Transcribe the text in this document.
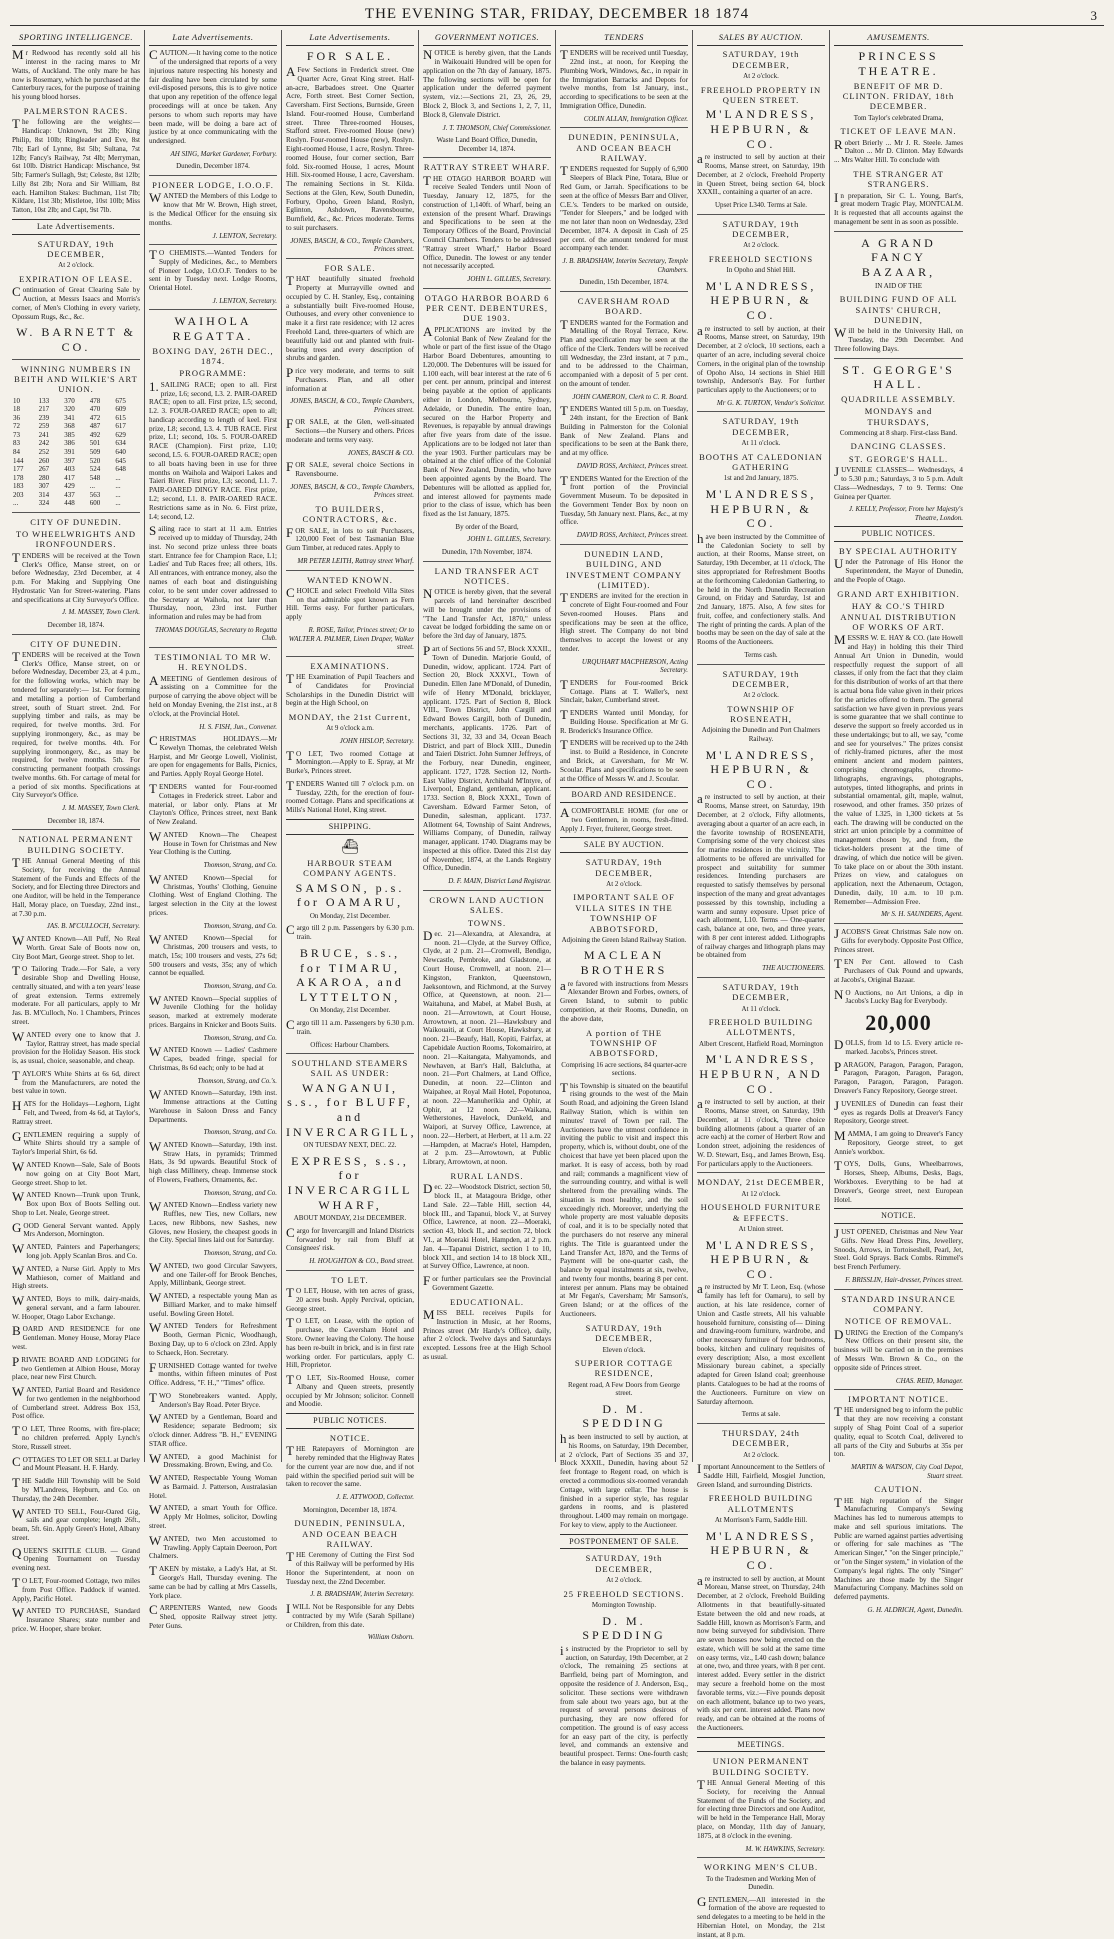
THE EVENING STAR, FRIDAY, DECEMBER 18 1874	3
SPORTING INTELLIGENCE.
Mr Redwood has recently sold all his interest in the racing mares to Mr Watts, of Auckland. The only mare he has now is Rosemary, which he purchased at the Canterbury races, for the purpose of training his young blood horses.
PALMERSTON RACES.
The following are the weights:—Handicap: Unknown, 9st 2lb; King Philip, 8st 10lb; Ringleader and Eve, 8st 7lb; Earl of Lynne, 8st 5lb; Sultana, 7st 12lb; Fancy's Railway, 7st 4lb; Merryman, 6st 10lb. District Handicap: Mischance, 9st 5lb; Farmer's Sullagh, 9st; Celeste, 8st 12lb; Lilly 8st 2lb; Nora and Sir William, 8st each. Hamilton Stakes: Buchman, 11st 7lb; Kildare, 11st 3lb; Mistletoe, 10st 10lb; Miss Tatton, 10st 2lb; and Capt, 9st 7lb.
Late Advertisements.
SATURDAY, 19th DECEMBER,
At 2 o'clock.
EXPIRATION OF LEASE.
Continuation of Great Clearing Sale by Auction, at Messrs Isaacs and Morris's corner, of Men's Clothing in every variety, Opossum Rugs, &c., &c.
W. BARNETT & CO.
WINNING NUMBERS IN BEITH AND WILKIE'S ART UNION.
10	133	370	478	675
18	217	320	470	609
36	239	341	472	615
72	259	368	487	617
73	241	385	492	629
83	242	386	501	634
84	252	391	509	640
144	260	397	520	645
177	267	403	524	648
178	280	417	548	...
183	307	429	...	...
203	314	437	563	...
...	324	448	600	...
CITY OF DUNEDIN.
TO WHEELWRIGHTS AND IRONFOUNDERS.
TENDERS will be received at the Town Clerk's Office, Manse street, on or before Wednesday, 23rd December, at 4 p.m. For Making and Supplying One Hydrostatic Van for Street-watering. Plans and specifications at City Surveyor's Office.
J. M. MASSEY, Town Clerk.
December 18, 1874.
CITY OF DUNEDIN.
TENDERS will be received at the Town Clerk's Office, Manse street, on or before Wednesday, December 23, at 4 p.m., for the following works, which may be tendered for separately:— 1st. For forming and metalling a portion of Cumberland street, south of Stuart street. 2nd. For supplying timber and rails, as may be required, for twelve months. 3rd. For supplying ironmongery, &c., as may be required, for twelve months. 4th. For supplying ironmongery, &c., as may be required, for twelve months. 5th. For constructing permanent footpath crossings twelve months. 6th. For cartage of metal for a period of six months. Specifications at City Surveyor's Office.
J. M. MASSEY, Town Clerk.
December 18, 1874.
NATIONAL PERMANENT BUILDING SOCIETY.
THE Annual General Meeting of this Society, for receiving the Annual Statement of the Funds and Effects of the Society, and for Electing three Directors and one Auditor, will be held in the Temperance Hall, Moray place, on Tuesday, 22nd inst., at 7.30 p.m.
JAS. B. M'CULLOCH, Secretary.
WANTED Known—All Puff, No Real Worth. Great Sale of Boots now on, City Boot Mart, George street. Shop to let.
TO Tailoring Trade.—For Sale, a very desirable Shop and Dwelling House, centrally situated, and with a ten years' lease of great extension. Terms extremely moderate. For all particulars, apply to Mr Jas. B. M'Culloch, No. 1 Chambers, Princes street.
WANTED every one to know that J. Taylor, Rattray street, has made special provision for the Holiday Season. His stock is, as usual, choice, seasonable, and cheap.
TAYLOR'S White Shirts at 6s 6d, direct from the Manufacturers, are noted the best value in town.
HATS for the Holidays—Leghorn, Light Felt, and Tweed, from 4s 6d, at Taylor's, Rattray street.
GENTLEMEN requiring a supply of White Shirts should try a sample of Taylor's Imperial Shirt, 6s 6d.
WANTED Known—Sale, Sale of Boots now going on at City Boot Mart, George street. Shop to let.
WANTED Known—Trunk upon Trunk, Box upon Box of Boots Selling out. Shop to Let. Neale, George street.
GOOD General Servant wanted. Apply Mrs Anderson, Mornington.
WANTED, Painters and Paperhangers; long job. Apply Scanlan Bros. and Co.
WANTED, a Nurse Girl. Apply to Mrs Mathieson, corner of Maitland and High streets.
WANTED, Boys to milk, dairy-maids, general servant, and a farm labourer. W. Hooper, Otago Labor Exchange.
BOARD AND RESIDENCE for one Gentleman. Money House, Moray Place west.
PRIVATE BOARD AND LODGING for two Gentlemen at Albion House, Moray place, near new First Church.
WANTED, Partial Board and Residence for two gentlemen in the neighborhood of Cumberland street. Address Box 153, Post office.
TO LET, Three Rooms, with fire-place; no children preferred. Apply Lynch's Store, Russell street.
COTTAGES TO LET OR SELL at Darley and Mount Pleasant. H. F. Hardy.
THE Saddle Hill Township will be Sold by M'Landress, Hepburn, and Co. on Thursday, the 24th December.
WANTED TO SELL, Four-Oared Gig, sails and gear complete; length 26ft., beam, 5ft. 6in. Apply Green's Hotel, Albany street.
QUEEN'S SKITTLE CLUB. — Grand Opening Tournament on Tuesday evening next.
TO LET, Four-roomed Cottage, two miles from Post Office. Paddock if wanted. Apply, Pacific Hotel.
WANTED TO PURCHASE, Standard Insurance Shares; state number and price. W. Hooper, share broker.
Late Advertisements.
CAUTION.—It having come to the notice of the undersigned that reports of a very injurious nature respecting his honesty and fair dealing have been circulated by some evil-disposed persons, this is to give notice that upon any repetition of the offence legal proceedings will at once be taken. Any persons to whom such reports may have been made, will be doing a bare act of justice by at once communicating with the undersigned.
AH SING, Market Gardener, Forbury.
Dunedin, December 1874.
PIONEER LODGE, I.O.O.F.
WANTED the Members of this Lodge to know that Mr W. Brown, High street, is the Medical Officer for the ensuing six months.
J. LENTON, Secretary.
TO CHEMISTS.—Wanted Tenders for Supply of Medicines, &c., to Members of Pioneer Lodge, I.O.O.F. Tenders to be sent in by Tuesday next. Lodge Rooms, Oriental Hotel.
J. LENTON, Secretary.
WAIHOLA REGATTA.
BOXING DAY, 26TH DEC., 1874.
PROGRAMME:
1.SAILING RACE; open to all. First prize, L6; second, L3. 2. PAIR-OARED RACE; open to all. First prize, L5; second, L2. 3. FOUR-OARED RACE; open to all; handicap according to length of keel. First prize, L8; second, L3. 4. TUB RACE. First prize, L1; second, 10s. 5. FOUR-OARED RACE (Champion). First prize, L10; second, L5. 6. FOUR-OARED RACE; open to all boats having been in use for three months on Waihola and Waipori Lakes and Taieri River. First prize, L3; second, L1. 7. PAIR-OARED DINGY RACE. First prize, L2; second, L1. 8. PAIR-OARED RACE. Restrictions same as in No. 6. First prize, L4; second, L2.
Sailing race to start at 11 a.m. Entries received up to midday of Thursday, 24th inst. No second prize unless three boats start. Entrance fee for Champion Race, L1; Ladies' and Tub Races free; all others, 10s. All entrances, with entrance money, also the names of each boat and distinguishing color, to be sent under cover addressed to the Secretary at Waihola, not later than Thursday, noon, 23rd inst. Further information and rules may be had from
THOMAS DOUGLAS, Secretary to Regatta Club.
TESTIMONIAL TO MR W. H. REYNOLDS.
AMEETING of Gentlemen desirous of assisting on a Committee for the purpose of carrying the above object will be held on Monday Evening, the 21st inst., at 8 o'clock, at the Provincial Hotel.
H. S. FISH, Jun., Convener.
CHRISTMAS HOLIDAYS.—Mr Kewelyn Thomas, the celebrated Welsh Harpist, and Mr George Lowell, Violinist, are open for engagements for Balls, Picnics, and Parties. Apply Royal George Hotel.
TENDERS wanted for Four-roomed Cottages in Frederick street. Labor and material, or labor only. Plans at Mr Clayton's Office, Princes street, next Bank of New Zealand.
WANTED Known—The Cheapest House in Town for Christmas and New Year Clothing is the Cutting.
Thomson, Strang, and Co.
WANTED Known—Special for Christmas, Youths' Clothing, Genuine Clothing. West of England Clothing. The largest selection in the City at the lowest prices.
Thomson, Strang, and Co.
WANTED Known—Special for Christmas, 200 trousers and vests, to match, 15s; 100 trousers and vests, 27s 6d; 500 trousers and vests, 35s; any of which cannot be equalled.
Thomson, Strang, and Co.
WANTED Known—Special supplies of Juvenile Clothing for the holiday season, marked at extremely moderate prices. Bargains in Knicker and Boots Suits.
Thomson, Strang, and Co.
WANTED Known — Ladies' Cashmere Capes, beaded fringe, special for Christmas, 8s 6d each; only to be had at
Thomson, Strang, and Co.'s.
WANTED Known—Saturday, 19th inst. Immense attractions at the Cutting Warehouse in Saloon Dress and Fancy Departments.
Thomson, Strang, and Co.
WANTED Known—Saturday, 19th inst. Straw Hats, in pyramids; Trimmed Hats, 3s 9d upwards. Beautiful Stock of high class Millinery, cheap. Immense stock of Flowers, Feathers, Ornaments, &c.
Thomson, Strang, and Co.
WANTED Known—Endless variety new Ruffles, new Ties, new Collars, new Laces, new Ribbons, new Sashes, new Gloves, new Hosiery, the cheapest goods in the City. Special lines laid out for Saturday.
Thomson, Strang, and Co.
WANTED, two good Circular Sawyers, and one Tailer-off for Brook Benches, Apply, Millinbank, George street.
WANTED, a respectable young Man as Billiard Marker, and to make himself useful. Bowling Green Hotel.
WANTED Tenders for Refreshment Booth, German Picnic, Woodhaugh, Boxing Day, up to 6 o'clock on 23rd. Apply to Schaeck, Hon. Secretary.
FURNISHED Cottage wanted for twelve months, within fifteen minutes of Post Office. Address, "F. H.," "Times" office.
TWO Stonebreakers wanted. Apply, Anderson's Bay Road. Peter Bryce.
WANTED by a Gentleman, Board and Residence; separate Bedroom; six o'clock dinner. Address "B. H.," EVENING STAR office.
WANTED, a good Machinist for Dressmaking. Brown, Ewing, and Co.
WANTED, Respectable Young Woman as Barmaid. J. Patterson, Australasian Hotel.
WANTED, a smart Youth for Office. Apply Mr Holmes, solicitor, Dowling street.
WANTED, two Men accustomed to Trawling. Apply Captain Deeroon, Port Chalmers.
TAKEN by mistake, a Lady's Hat, at St. George's Hall, Thursday evening. The same can be had by calling at Mrs Cassells, York place.
CARPENTERS Wanted, new Goods Shed, opposite Railway street jetty. Peter Guns.
Late Advertisements.
FOR SALE.
AFew Sections in Frederick street. One Quarter Acre, Great King street. Half-an-acre, Barbadoes street. One Quarter Acre, Forth street. Best Corner Section, Caversham. First Sections, Burnside, Green Island. Four-roomed House, Cumberland street. Three Three-roomed Houses, Stafford street. Five-roomed House (new) Roslyn. Four-roomed House (new), Roslyn. Eight-roomed House, 1 acre, Roslyn. Three-roomed House, four corner section, Barr fold. Six-roomed House, 1 acres, Mount Hill. Six-roomed House, 1 acre, Caversham. The remaining Sections in St. Kilda. Sections at the Glen, Kew, South Dunedin, Forbury, Opoho, Green Island, Roslyn, Eglinton, Ashdown, Ravensbourne, Burnfield, &c., &c. Prices moderate. Terms to suit purchasers.
JONES, BASCH, & CO., Temple Chambers, Princes street.
FOR SALE.
THAT beautifully situated freehold Property at Murrayville owned and occupied by C. H. Stanley, Esq., containing a substantially built Five-roomed House, Outhouses, and every other convenience to make it a first rate residence; with 12 acres Freehold Land, three-quarters of which are beautifully laid out and planted with fruit-bearing trees and every description of shrubs and garden.
Price very moderate, and terms to suit Purchasers. Plan, and all other information at
JONES, BASCH, & CO., Temple Chambers, Princes street.
FOR SALE, at the Glen, well-situated Sections—the Nursery and others. Prices moderate and terms very easy.
JONES, BASCH & CO.
FOR SALE, several choice Sections in Ravensbourne.
JONES, BASCH, & CO., Temple Chambers, Princes street.
TO BUILDERS, CONTRACTORS, &c.
FOR SALE, in lots to suit Purchasers, 120,000 Feet of best Tasmanian Blue Gum Timber, at reduced rates. Apply to
MR PETER LEITH, Rattray street Wharf.
WANTED KNOWN.
CHOICE and select Freehold Villa Sites on that admirable spot known as Fern Hill. Terms easy. For further particulars, apply
R. ROSE, Tailor, Princes street; Or to WALTER A. PALMER, Linen Draper, Walker street.
EXAMINATIONS.
THE Examination of Pupil Teachers and of Candidates for Provincial Scholarships in the Dunedin District will begin at the High School, on
MONDAY, the 21st Current,
At 9 o'clock a.m.
JOHN HISLOP, Secretary.
TO LET, Two roomed Cottage at Mornington.—Apply to E. Spray, at Mr Burke's, Princes street.
TENDERS Wanted till 7 o'clock p.m. on Tuesday, 22th, for the erection of four-roomed Cottage. Plans and specifications at Mills's National Hotel, King street.
SHIPPING.
⛴
HARBOUR STEAM COMPANY AGENTS.
SAMSON, p.s. for OAMARU,
On Monday, 21st December.
Cargo till 2 p.m. Passengers by 6.30 p.m. train.
BRUCE, s.s., for TIMARU, AKAROA, and LYTTELTON,
On Monday, 21st December.
Cargo till 11 a.m. Passengers by 6.30 p.m. train.
Offices: Harbour Chambers.
SOUTHLAND STEAMERS SAIL AS UNDER:
WANGANUI, s.s., for BLUFF, and INVERCARGILL,
ON TUESDAY NEXT, DEC. 22.
EXPRESS, s.s., for INVERCARGILL WHARF,
ABOUT MONDAY, 21st DECEMBER.
Cargo for Invercargill and Inland Districts forwarded by rail from Bluff at Consignees' risk.
H. HOUGHTON & CO., Bond street.
TO LET.
TO LET, House, with ten acres of grass, 20 acres bush. Apply Percival, optician, George street.
TO LET, on Lease, with the option of purchase, the Caversham Hotel and Store. Owner leaving the Colony. The house has been re-built in brick, and is in first rate working order. For particulars, apply C. Hill, Proprietor.
TO LET, Six-Roomed House, corner Albany and Queen streets, presently occupied by Mr Johnson; solicitor. Connell and Moodie.
PUBLIC NOTICES.
NOTICE.
THE Ratepayers of Mornington are hereby reminded that the Highway Rates for the current year are now due, and if not paid within the specified period suit will be taken to recover the same.
J. E. ATTWOOD, Collector.
Mornington, December 18, 1874.
DUNEDIN, PENINSULA, AND OCEAN BEACH RAILWAY.
THE Ceremony of Cutting the First Sod of this Railway will be performed by His Honor the Superintendent, at noon on Tuesday next, the 22nd December.
J. B. BRADSHAW, Interim Secretary.
IWILL Not be Responsible for any Debts contracted by my Wife (Sarah Spillane) or Children, from this date.
William Osborn.
GOVERNMENT NOTICES.
NOTICE is hereby given, that the Lands in Waikouaiti Hundred will be open for application on the 7th day of January, 1875. The following sections will be open for application under the deferred payment system, viz.:—Sections 21, 23, 26, 29, Block 2, Block 3, and Sections 1, 2, 7, 11, Block 8, Glenvale District.
J. T. THOMSON, Chief Commissioner.
Waste Land Board Office, Dunedin, December 14, 1874.
RATTRAY STREET WHARF.
THE OTAGO HARBOR BOARD will receive Sealed Tenders until Noon of Tuesday, January 12, 1875, for the construction of 1,140ft. of Wharf, being an extension of the present Wharf. Drawings and Specifications to be seen at the Temporary Offices of the Board, Provincial Council Chambers. Tenders to be addressed "Rattray street Wharf," Harbor Board Office, Dunedin. The lowest or any tender not necessarily accepted.
JOHN L. GILLIES, Secretary.
OTAGO HARBOR BOARD 6 PER CENT. DEBENTURES, DUE 1903.
APPLICATIONS are invited by the Colonial Bank of New Zealand for the whole or part of the first issue of the Otago Harbor Board Debentures, amounting to L20,000. The Debentures will be issued for L100 each, will bear interest at the rate of 6 per cent. per annum, principal and interest being payable at the option of applicants either in London, Melbourne, Sydney, Adelaide, or Dunedin. The entire loan, secured on the Harbor Property and Revenues, is repayable by annual drawings after five years from date of the issue. Applications are to be lodged not later than the year 1903. Further particulars may be obtained at the chief office of the Colonial Bank of New Zealand, Dunedin, who have been appointed agents by the Board. The Debentures will be allotted as applied for, and interest allowed for payments made prior to the class of issue, which has been fixed as the 1st January, 1875.
By order of the Board,
JOHN L. GILLIES, Secretary.
Dunedin, 17th November, 1874.
LAND TRANSFER ACT NOTICES.
NOTICE is hereby given, that the several parcels of land hereinafter described will be brought under the provisions of "The Land Transfer Act, 1870," unless caveat be lodged forbidding the same on or before the 3rd day of January, 1875.
Part of Sections 56 and 57, Block XXXII., Town of Dunedin. Marjorie Gould, of Dunedin, widow, applicant. 1724. Part of Section 20, Block XXXVI., Town of Dunedin. Ellen Jane M'Donald, of Dunedin, wife of Henry M'Donald, bricklayer, applicant. 1725. Part of Section 8, Block VIII., Town District, John Cargill and Edward Bowes Cargill, both of Dunedin, merchants, applicants. 1726. Part of Sections 31, 32, 33 and 34, Ocean Beach District, and part of Block XIII., Dunedin and Taieri District. John Sumner Jeffreys, of the Forbury, near Dunedin, engineer, applicant. 1727, 1728. Section 12, North-East Valley District, Archibald M'Intyre, of Liverpool, England, gentleman, applicant. 1733. Section 8, Block XXXI., Town of Caversham. Edward Farmer Seton, of Dunedin, salesman, applicant. 1737. Allotment 64, Township of Saint Andrews, Williams Company, of Dunedin, railway manager, applicant. 1740. Diagrams may be inspected at this office. Dated this 21st day of November, 1874, at the Lands Registry Office, Dunedin.
D. F. MAIN, District Land Registrar.
CROWN LAND AUCTION SALES.
TOWNS.
Dec. 21—Alexandra, at Alexandra, at noon. 21—Clyde, at the Survey Office, Clyde, at 2 p.m. 21—Cromwell, Bendigo, Newcastle, Pembroke, and Gladstone, at Court House, Cromwell, at noon. 21—Kingston, Frankton, Queenstown, Jaeksontown, and Richmond, at the Survey Office, at Queenstown, at noon. 21—Waitahuna, and Mabel, at Mabel Bush, at noon. 21—Arrowtown, at Court House, Arrowtown, at noon. 21—Hawksbury and Waikouaiti, at Court House, Hawksbury, at noon. 21—Beaufy, Hall, Kopiti, Fairfax, at Capebidale Auction Rooms, Tokomairiro, at noon. 21—Kaitangata, Mahyamonds, and Newhaven, at Barr's Hall, Balclutha, at noon. 21—Port Chalmers, at Land Office, Dunedin, at noon. 22—Clinton and Waipahee, at Royal Mail Hotel, Popotunoa, at noon. 22—Manuherikia and Ophir, at Ophir, at 12 noon. 22—Waikana, Wetherstones, Havelock, Dunkeld, and Waipori, at Survey Office, Lawrence, at noon. 22—Herbert, at Herbert, at 11 a.m. 22—Hampden, at Macrae's Hotel, Hampden, at 2 p.m. 23—Arrowtown, at Public Library, Arrowtown, at noon.
RURAL LANDS.
Dec. 22—Woodstock District, section 50, block II., at Matagoura Bridge, other Land Sale. 22—Table Hill, section 44, block III., and Tapanui, block V., at Survey Office, Lawrence, at noon. 22—Moeraki, section 43, block II., and section 72, block VI., at Moeraki Hotel, Hampden, at 2 p.m. Jan. 4—Tapanui District, section 1 to 10, block XII., and section 14 to 18 block XII., at Survey Office, Lawrence, at noon.
For further particulars see the Provincial Government Gazette.
EDUCATIONAL.
MISS BELL receives Pupils for Instruction in Music, at her Rooms, Princes street (Mr Hardy's Office), daily, after 2 o'clock. Twelve days and Saturdays excepted. Lessons free at the High School as usual.
TENDERS
TENDERS will be received until Tuesday, 22nd inst., at noon, for Keeping the Plumbing Work, Windows, &c., in repair in the Immigration Barracks and Depots for twelve months, from 1st January, inst., according to specifications to be seen at the Immigration Office, Dunedin.
COLIN ALLAN, Immigration Officer.
DUNEDIN, PENINSULA, AND OCEAN BEACH RAILWAY.
TENDERS requested for Supply of 6,900 Sleepers of Black Pine, Totara, Blue or Red Gum, or Jarrah. Specifications to be seen at the office of Messrs Barr and Oliver, C.E.'s. Tenders to be marked on outside, "Tender for Sleepers," and be lodged with me not later than noon on Wednesday, 23rd December, 1874. A deposit in Cash of 25 per cent. of the amount tendered for must accompany each tender.
J. B. BRADSHAW, Interim Secretary, Temple Chambers.
Dunedin, 15th December, 1874.
CAVERSHAM ROAD BOARD.
TENDERS wanted for the Formation and Metalling of the Royal Terrace, Kew. Plan and specification may be seen at the office of the Clerk. Tenders will be received till Wednesday, the 23rd instant, at 7 p.m., and to be addressed to the Chairman, accompanied with a deposit of 5 per cent. on the amount of tender.
JOHN CAMERON, Clerk to C. R. Board.
TENDERS Wanted till 5 p.m. on Tuesday, 24th instant, for the Erection of Bank Building in Palmerston for the Colonial Bank of New Zealand. Plans and specifications to be seen at the Bank there, and at my office.
DAVID ROSS, Architect, Princes street.
TENDERS Wanted for the Erection of the front portion of the Provincial Government Museum. To be deposited in the Government Tender Box by noon on Tuesday, 5th January next. Plans, &c., at my office.
DAVID ROSS, Architect, Princes street.
DUNEDIN LAND, BUILDING, AND INVESTMENT COMPANY (LIMITED).
TENDERS are invited for the erection in concrete of Eight Four-roomed and Four Seven-roomed Houses. Plans and specifications may be seen at the office, High street. The Company do not bind themselves to accept the lowest or any tender.
URQUHART MACPHERSON, Acting Secretary.
TENDERS for Four-roomed Brick Cottage. Plans at T. Waller's, next Sinclair, baker, Cumberland street.
TENDERS Wanted until Monday, for Building House. Specification at Mr G. R. Broderick's Insurance Office.
TENDERS will be received up to the 24th inst. to Build a Residence, in Concrete and Brick, at Caversham, for Mr W. Scoular. Plans and specifications to be seen at the Office of Messrs W. and J. Scoular.
BOARD AND RESIDENCE.
ACOMFORTABLE HOME (for one or two Gentlemen, in rooms, fresh-fitted. Apply J. Fryer, fruiterer, George street.
SALE BY AUCTION.
SATURDAY, 19th DECEMBER,
At 2 o'clock.
IMPORTANT SALE OF VILLA SITES IN THE TOWNSHIP OF ABBOTSFORD,
Adjoining the Green Island Railway Station.
MACLEAN BROTHERS
are favored with instructions from Messrs Alexander Brown and Forbes, owners, of Green Island, to submit to public competition, at their Rooms, Dunedin, on the above date,
A portion of THE TOWNSHIP OF ABBOTSFORD,
Comprising 16 acre sections, 84 quarter-acre sections.
This Township is situated on the beautiful rising grounds to the west of the Main South Road, and adjoining the Green Island Railway Station, which is within ten minutes' travel of Town per rail. The Auctioneers have the utmost confidence in inviting the public to visit and inspect this property, which is, without doubt, one of the choicest that have yet been placed upon the market. It is easy of access, both by road and rail; commands a magnificent view of the surrounding country, and withal is well sheltered from the prevailing winds. The situation is most healthy, and the soil exceedingly rich. Moreover, underlying the whole property are most valuable deposits of coal, and it is to be specially noted that the purchasers do not reserve any mineral rights. The Title is guaranteed under the Land Transfer Act, 1870, and the Terms of Payment will be one-quarter cash, the balance by equal instalments at six, twelve, and twenty four months, bearing 8 per cent. interest per annum. Plans may be obtained at Mr Fegan's, Caversham; Mr Samson's, Green Island; or at the offices of the Auctioneers.
SATURDAY, 19th DECEMBER,
Eleven o'clock.
SUPERIOR COTTAGE RESIDENCE,
Regent road, A Few Doors from George street.
D. M. SPEDDING
has been instructed to sell by auction, at his Rooms, on Saturday, 19th December, at 2 o'clock, Part of Sections 35 and 37, Block XXXII., Dunedin, having about 52 feet frontage to Regent road, on which is erected a commodious six-roomed verandah Cottage, with large cellar. The house is finished in a superior style, has regular gardens in rooms, and is plastered throughout. L400 may remain on mortgage. For key to view, apply to the Auctioneer.
POSTPONEMENT OF SALE.
SATURDAY, 19th DECEMBER,
At 2 o'clock.
25 FREEHOLD SECTIONS.
Mornington Township.
D. M. SPEDDING
is instructed by the Proprietor to sell by auction, on Saturday, 19th December, at 2 o'clock, The remaining 25 sections at Barrfield, being part of Mornington, and opposite the residence of J. Anderson, Esq., solicitor. These sections were withdrawn from sale about two years ago, but at the request of several persons desirous of purchasing, they are now offered for competition. The ground is of easy access for an easy part of the city, is perfectly level, and commands an extensive and beautiful prospect. Terms: One-fourth cash; the balance in easy payments.
SALES BY AUCTION.
SATURDAY, 19th DECEMBER,
At 2 o'clock.
FREEHOLD PROPERTY IN QUEEN STREET.
M'LANDRESS, HEPBURN, & CO.
are instructed to sell by auction at their Rooms, Manse street, on Saturday, 19th December, at 2 o'clock, Freehold Property in Queen Street, being section 64, block XXXII., containing a quarter of an acre.
Upset Price L340. Terms at Sale.
SATURDAY, 19th DECEMBER,
At 2 o'clock.
FREEHOLD SECTIONS
In Opoho and Shiel Hill.
M'LANDRESS, HEPBURN, & CO.
are instructed to sell by auction, at their Rooms, Manse street, on Saturday, 19th December, at 2 o'clock, 10 sections, each a quarter of an acre, including several choice Corners, in the original plan of the township of Opoho Also, 14 sections in Shiel Hill township, Anderson's Bay. For further particulars apply to the Auctioneers; or to
Mr G. K. TURTON, Vendor's Solicitor.
SATURDAY, 19th DECEMBER,
At 11 o'clock.
BOOTHS AT CALEDONIAN GATHERING
1st and 2nd January, 1875.
M'LANDRESS, HEPBURN, & CO.
have been instructed by the Committee of the Caledonian Society to sell by auction, at their Rooms, Manse street, on Saturday, 19th December, at 11 o'clock, The sites appropriated for Refreshment Booths at the forthcoming Caledonian Gathering, to be held in the North Dunedin Recreation Ground, on Friday and Saturday, 1st and 2nd January, 1875. Also, A few sites for fruit, coffee, and confectionery stalls. And The right of printing the cards. A plan of the booths may be seen on the day of sale at the Rooms of the Auctioneers.
Terms cash.
SATURDAY, 19th DECEMBER,
At 2 o'clock.
TOWNSHIP OF ROSENEATH,
Adjoining the Dunedin and Port Chalmers Railway.
M'LANDRESS, HEPBURN, & CO.
are instructed to sell by auction, at their Rooms, Manse street, on Saturday, 19th December, at 2 o'clock, Fifty allotments, averaging about a quarter of an acre each, in the favorite township of ROSENEATH, Comprising some of the very choicest sites for marine residences in the vicinity. The allotments to be offered are unrivalled for prospect and suitability for summer residences. Intending purchasers are requested to satisfy themselves by personal inspection of the many and great advantages possessed by this township, including a warm and sunny exposure. Upset price of each allotment, L10. Terms — One-quarter cash, balance at one, two, and three years, with 8 per cent interest added. Lithographs of railway charges and lithograph plans may be obtained from
THE AUCTIONEERS.
SATURDAY, 19th DECEMBER,
At 11 o'clock.
FREEHOLD BUILDING ALLOTMENTS,
Albert Crescent, Hatfield Road, Mornington
M'LANDRESS, HEPBURN, AND CO.
are instructed to sell by auction, at their Rooms, Manse street, on Saturday, 19th December, at 11 o'clock, Three choice building allotments (about a quarter of an acre each) at the corner of Herbert Row and London street, adjoining the residences of W. D. Stewart, Esq., and James Brown, Esq. For particulars apply to the Auctioneers.
MONDAY, 21st DECEMBER,
At 12 o'clock.
HOUSEHOLD FURNITURE & EFFECTS.
At Union street.
M'LANDRESS, HEPBURN, & CO.
are instructed by Mr T. Leon, Esq. (whose family has left for Oamaru), to sell by auction, at his late residence, corner of Union and Castle streets, All his valuable household furniture, consisting of— Dining and drawing-room furniture, wardrobe, and other necessary furniture of four bedrooms, books, kitchen and culinary requisites of every description; Also, a most excellent Missionary bureau cabinet, a specially adapted for Green Island coal; greenhouse plants. Catalogues to be had at the rooms of the Auctioneers. Furniture on view on Saturday afternoon.
Terms at sale.
THURSDAY, 24th DECEMBER,
At 2 o'clock.
Important Announcement to the Settlers of Saddle Hill, Fairfield, Mosgiel Junction, Green Island, and surrounding Districts.
FREEHOLD BUILDING ALLOTMENTS
At Morrison's Farm, Saddle Hill.
M'LANDRESS, HEPBURN, & CO.
are instructed to sell by auction, at Mount Moreau, Manse street, on Thursday, 24th December, at 2 o'clock, Freehold Building Allotments in that beautifully-situated Estate between the old and new roads, at Saddle Hill, known as Morrison's Farm, and now being surveyed for subdivision. There are seven houses now being erected on the estate, which will be sold at the same time on easy terms, viz., L40 cash down; balance at one, two, and three years, with 8 per cent. interest added. Every settler in the district may secure a freehold home on the most favorable terms, viz.:—Five pounds deposit on each allotment, balance up to two years, with six per cent. interest added. Plans now ready, and can be obtained at the rooms of the Auctioneers.
MEETINGS.
UNION PERMANENT BUILDING SOCIETY.
THE Annual General Meeting of this Society, for receiving the Annual Statement of the Funds of the Society, and for electing three Directors and one Auditor, will be held in the Temperance Hall, Moray place, on Monday, 11th day of January, 1875, at 8 o'clock in the evening.
M. W. HAWKINS, Secretary.
WORKING MEN'S CLUB.
To the Tradesmen and Working Men of Dunedin.
GENTLEMEN,—All interested in the formation of the above are requested to send delegates to a meeting to be held in the Hibernian Hotel, on Monday, the 21st instant, at 8 p.m.
AMUSEMENTS.
PRINCESS THEATRE.
BENEFIT OF MR D. CLINTON. FRIDAY, 18th DECEMBER.
Tom Taylor's celebrated Drama,
TICKET OF LEAVE MAN.
Robert Brierly ... Mr J. R. Steele. James Dalton ... Mr D. Clinton. May Edwards ... Mrs Walter Hill. To conclude with
THE STRANGER AT STRANGERS.
In preparation, Sir C. L. Young, Bart's, great modern Tragic Play, MONTCALM. It is requested that all accounts against the management be sent in as soon as possible.
A GRAND FANCY BAZAAR,
IN AID OF THE
BUILDING FUND OF ALL SAINTS' CHURCH, DUNEDIN,
Will be held in the University Hall, on Tuesday, the 29th December. And Three following Days.
ST. GEORGE'S HALL.
QUADRILLE ASSEMBLY.
MONDAYS and THURSDAYS,
Commencing at 8 sharp. First-class Band.
DANCING CLASSES.
ST. GEORGE'S HALL.
JUVENILE CLASSES— Wednesdays, 4 to 5.30 p.m.; Saturdays, 3 to 5 p.m. Adult Class—Wednesdays, 7 to 9. Terms: One Guinea per Quarter.
J. KELLY, Professor, From her Majesty's Theatre, London.
PUBLIC NOTICES.
BY SPECIAL AUTHORITY
Under the Patronage of His Honor the Superintendent, the Mayor of Dunedin, and the People of Otago.
GRAND ART EXHIBITION.
HAY & CO.'S THIRD ANNUAL DISTRIBUTION OF WORKS OF ART.
MESSRS W. E. HAY & CO. (late Howell and Hay) in holding this their Third Annual Art Union in Dunedin, would respectfully request the support of all classes, if only from the fact that they claim for this distribution of works of art that there is actual bona fide value given in their prices for the articles offered to them. The general satisfaction we have given in previous years is some guarantee that we shall continue to deserve the support so freely accorded us in these undertakings; but to all, we say, "come and see for yourselves." The prizes consist of richly-framed pictures, after the most eminent ancient and modern painters, comprising chromographs, chromo-lithographs, engravings, photographs, autotypes, tinted lithographs, and prints in substantial ornamental, gilt, maple, walnut, rosewood, and other frames. 350 prizes of the value of L325, in 1,300 tickets at 5s each. The drawing will be conducted on the strict art union principle by a committee of management chosen by, and from, the ticket-holders present at the time of drawing, of which due notice will be given. To take place on or about the 30th instant. Prizes on view, and catalogues on application, next the Athenaeum, Octagon, Dunedin, daily, 10 a.m. to 10 p.m. Remember—Admission Free.
Mr S. H. SAUNDERS, Agent.
JACOBS'S Great Christmas Sale now on. Gifts for everybody. Opposite Post Office, Princes street.
TEN Per Cent. allowed to Cash Purchasers of Oak Pound and upwards, at Jacobs's, Original Bazaar.
NO Auctions, no Art Unions, a dip in Jacobs's Lucky Bag for Everybody.
20,000
DOLLS, from 1d to L5. Every article re-marked. Jacobs's, Princes street.
PARAGON, Paragon, Paragon, Paragon, Paragon, Paragon, Paragon, Paragon, Paragon, Paragon, Paragon, Paragon. Dreaver's Fancy Repository, George street.
JUVENILES of Dunedin can feast their eyes as regards Dolls at Dreaver's Fancy Repository, George street.
MAMMA, I am going to Dreaver's Fancy Repository, George street, to get Annie's workbox.
TOYS, Dolls, Guns, Wheelbarrows, Horses, Sheep, Albums, Desks, Bags, Workboxes. Everything to be had at Dreaver's, George street, next European Hotel.
NOTICE.
JUST OPENED, Christmas and New Year Gifts. New Head Dress Pins, Jewellery, Snoods, Arrows, in Tortoiseshell, Pearl, Jet, Steel. Gold Sprays. Back Combs. Rimmel's best French Perfumery.
F. BRISSLIN, Hair-dresser, Princes street.
STANDARD INSURANCE COMPANY.
NOTICE OF REMOVAL.
DURING the Erection of the Company's New Offices on their present site, the business will be carried on in the premises of Messrs Wm. Brown & Co., on the opposite side of Princes street.
CHAS. REID, Manager.
IMPORTANT NOTICE.
THE undersigned beg to inform the public that they are now receiving a constant supply of Shag Point Coal of a superior quality, equal to Scotch Coal, delivered to all parts of the City and Suburbs at 35s per ton.
MARTIN & WATSON, City Coal Depot, Stuart street.
CAUTION.
THE high reputation of the Singer Manufacturing Company's Sewing Machines has led to numerous attempts to make and sell spurious imitations. The Public are warned against parties advertising or offering for sale machines as "The American Singer," "on the Singer principle," or "on the Singer system," in violation of the Company's legal rights. The only "Singer" Machines are those made by the Singer Manufacturing Company. Machines sold on deferred payments.
G. H. ALDRICH, Agent, Dunedin.
